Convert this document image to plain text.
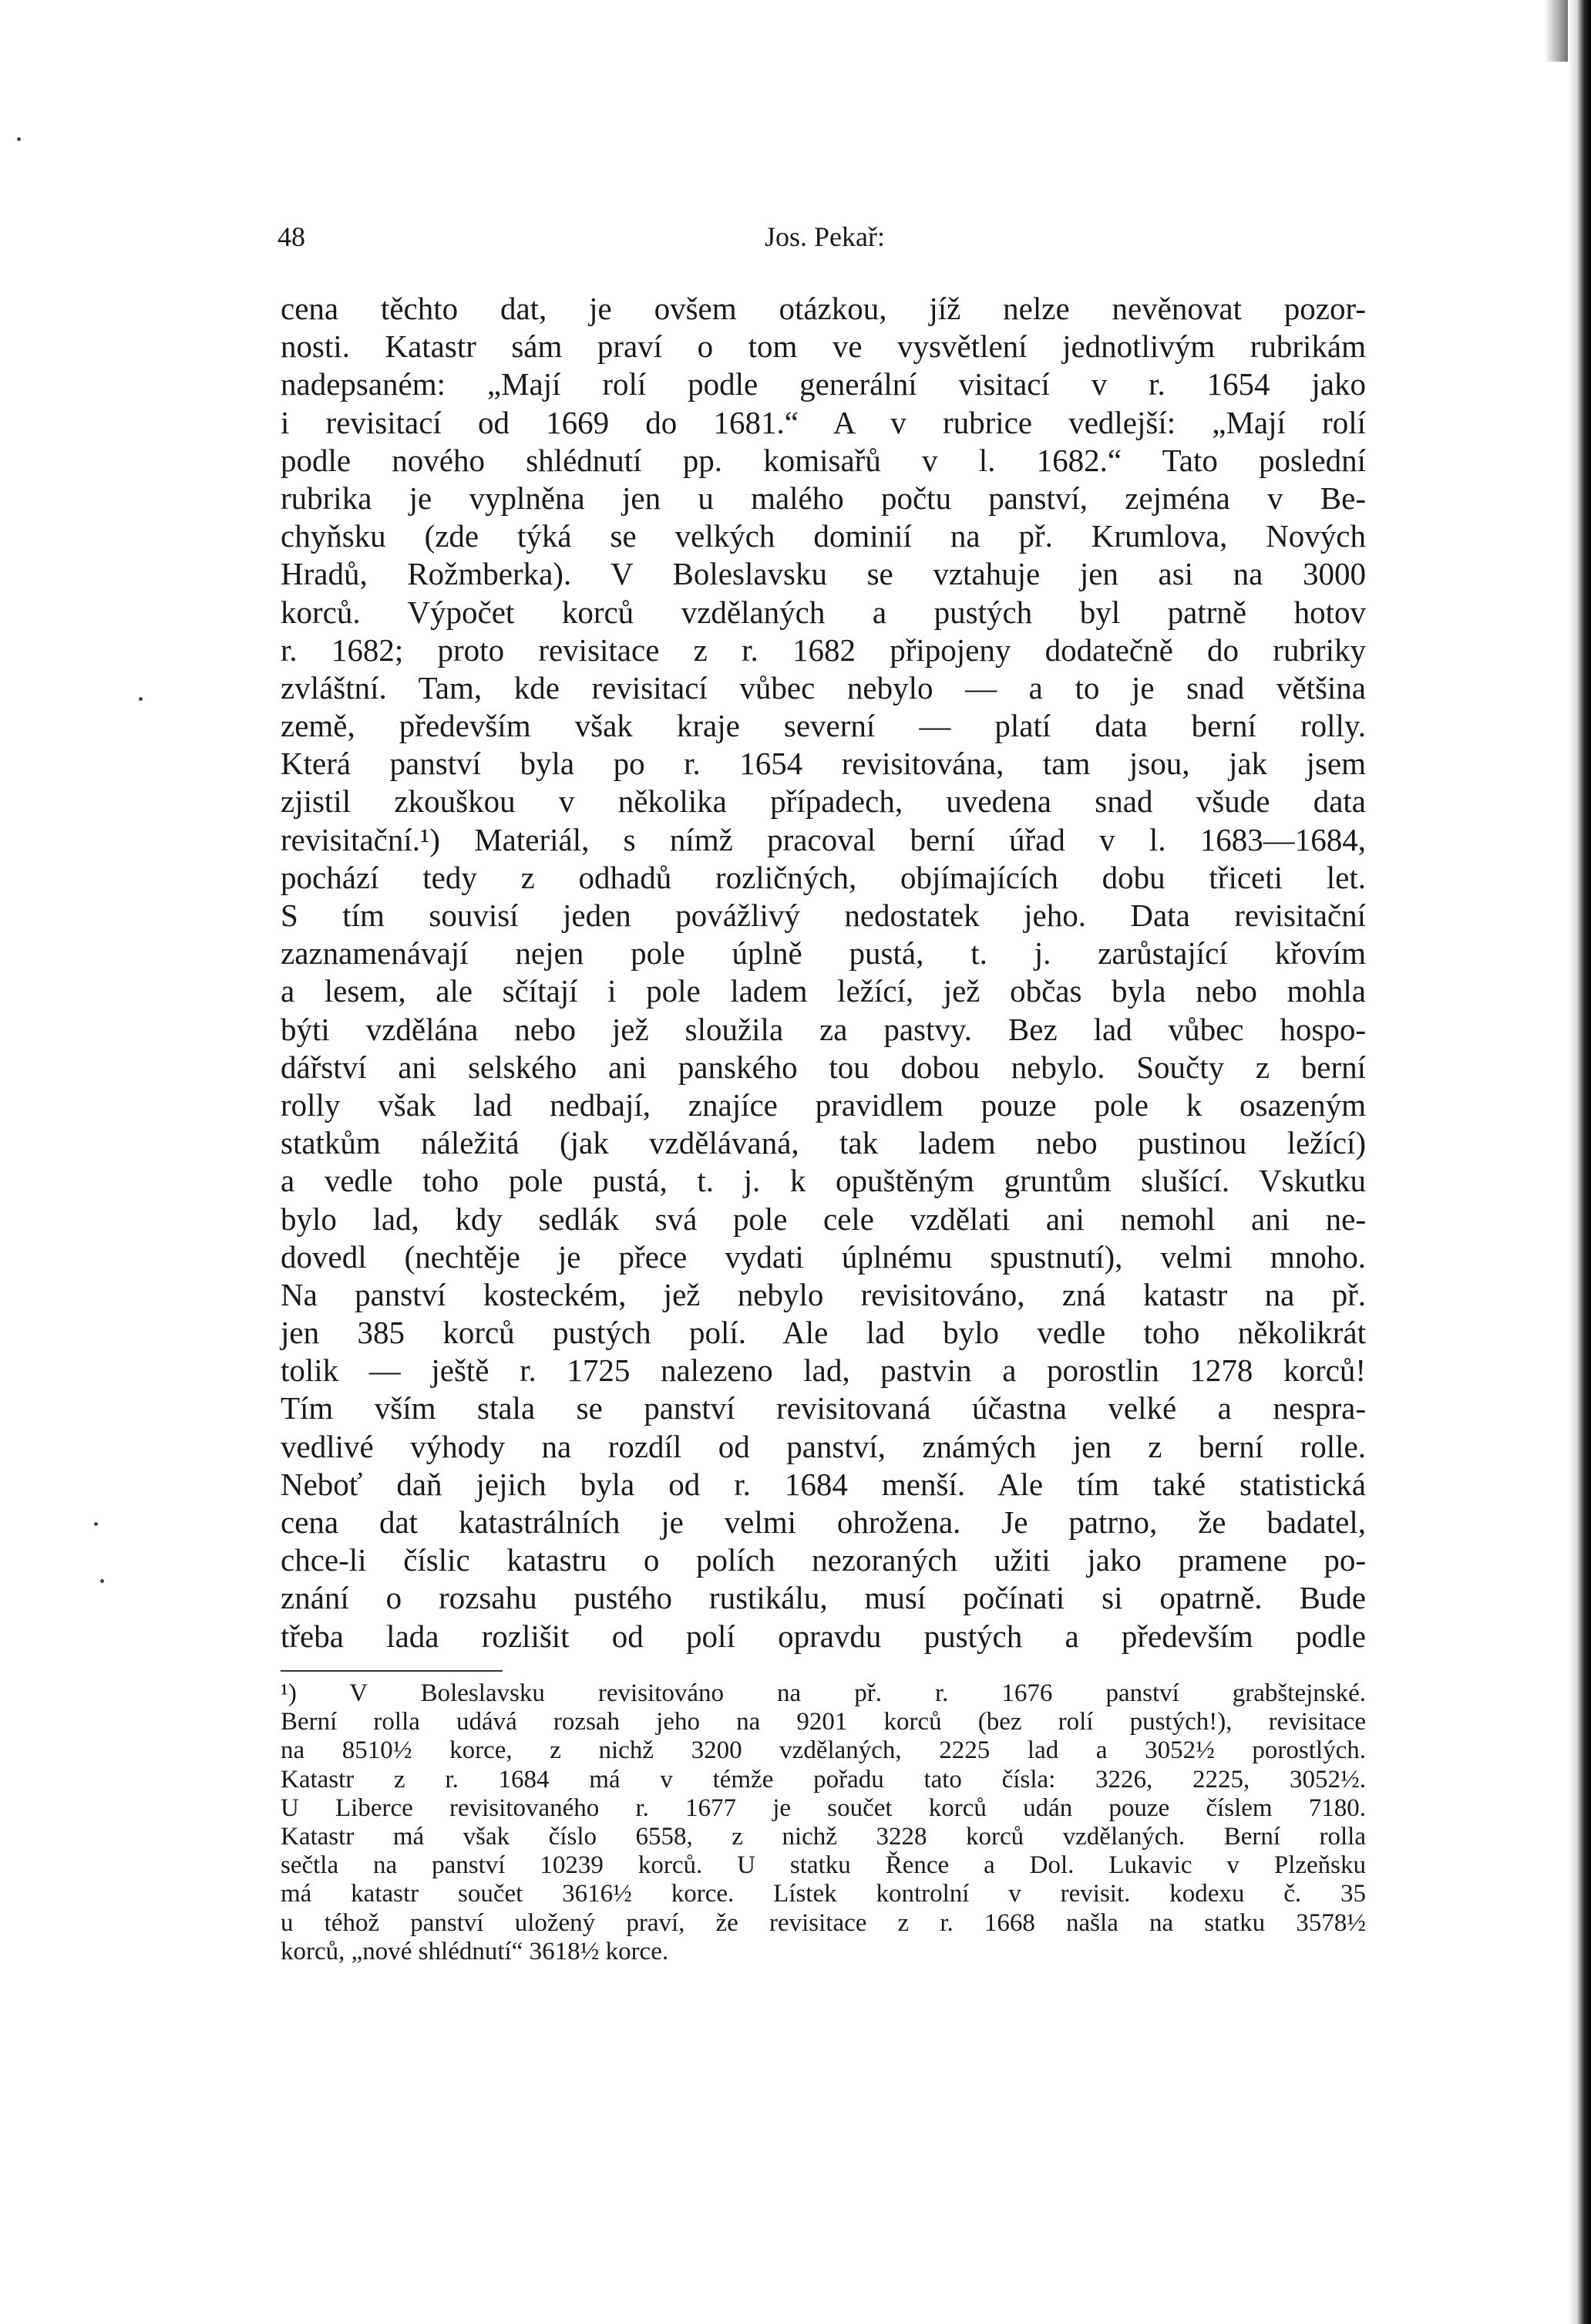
48	Jos. Pekař:
cena těchto dat, je ovšem otázkou, jíž nelze nevěnovat pozor-
nosti. Katastr sám praví o tom ve vysvětlení jednotlivým rubrikám
nadepsaném: „Mají rolí podle generální visitací v r. 1654 jako
i revisitací od 1669 do 1681.“ A v rubrice vedlejší: „Mají rolí
podle nového shlédnutí pp. komisařů v l. 1682.“ Tato poslední
rubrika je vyplněna jen u malého počtu panství, zejména v Be-
chyňsku (zde týká se velkých dominií na př. Krumlova, Nových
Hradů, Rožmberka). V Boleslavsku se vztahuje jen asi na 3000
korců. Výpočet korců vzdělaných a pustých byl patrně hotov
r. 1682; proto revisitace z r. 1682 připojeny dodatečně do rubriky
zvláštní. Tam, kde revisitací vůbec nebylo — a to je snad většina
země, především však kraje severní — platí data berní rolly.
Která panství byla po r. 1654 revisitována, tam jsou, jak jsem
zjistil zkouškou v několika případech, uvedena snad všude data
revisitační.¹) Materiál, s nímž pracoval berní úřad v l. 1683—1684,
pochází tedy z odhadů rozličných, objímajících dobu třiceti let.
S tím souvisí jeden povážlivý nedostatek jeho. Data revisitační
zaznamenávají nejen pole úplně pustá, t. j. zarůstající křovím
a lesem, ale sčítají i pole ladem ležící, jež občas byla nebo mohla
býti vzdělána nebo jež sloužila za pastvy. Bez lad vůbec hospo-
dářství ani selského ani panského tou dobou nebylo. Součty z berní
rolly však lad nedbají, znajíce pravidlem pouze pole k osazeným
statkům náležitá (jak vzdělávaná, tak ladem nebo pustinou ležící)
a vedle toho pole pustá, t. j. k opuštěným gruntům slušící. Vskutku
bylo lad, kdy sedlák svá pole cele vzdělati ani nemohl ani ne-
dovedl (nechtěje je přece vydati úplnému spustnutí), velmi mnoho.
Na panství kosteckém, jež nebylo revisitováno, zná katastr na př.
jen 385 korců pustých polí. Ale lad bylo vedle toho několikrát
tolik — ještě r. 1725 nalezeno lad, pastvin a porostlin 1278 korců!
Tím vším stala se panství revisitovaná účastna velké a nespra-
vedlivé výhody na rozdíl od panství, známých jen z berní rolle.
Neboť daň jejich byla od r. 1684 menší. Ale tím také statistická
cena dat katastrálních je velmi ohrožena. Je patrno, že badatel,
chce-li číslic katastru o polích nezoraných užiti jako pramene po-
znání o rozsahu pustého rustikálu, musí počínati si opatrně. Bude
třeba lada rozlišit od polí opravdu pustých a především podle
¹) V Boleslavsku revisitováno na př. r. 1676 panství grabštejnské.
Berní rolla udává rozsah jeho na 9201 korců (bez rolí pustých!), revisitace
na 8510½ korce, z nichž 3200 vzdělaných, 2225 lad a 3052½ porostlých.
Katastr z r. 1684 má v témže pořadu tato čísla: 3226, 2225, 3052½.
U Liberce revisitovaného r. 1677 je součet korců udán pouze číslem 7180.
Katastr má však číslo 6558, z nichž 3228 korců vzdělaných. Berní rolla
sečtla na panství 10239 korců. U statku Řence a Dol. Lukavic v Plzeňsku
má katastr součet 3616½ korce. Lístek kontrolní v revisit. kodexu č. 35
u téhož panství uložený praví, že revisitace z r. 1668 našla na statku 3578½
korců, „nové shlédnutí“ 3618½ korce.
